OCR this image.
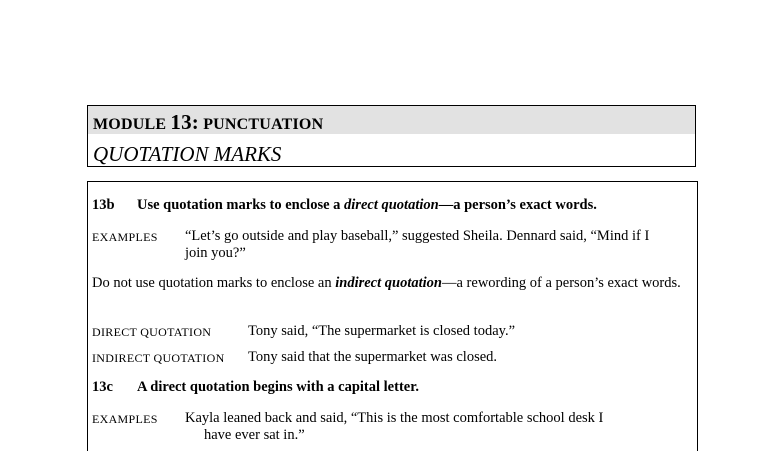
MODULE 13: PUNCTUATION
QUOTATION MARKS
13b Use quotation marks to enclose a direct quotation—a person’s exact words.
EXAMPLES “Let’s go outside and play baseball,” suggested Sheila. Dennard said, “Mind if I
join you?”
Do not use quotation marks to enclose an indirect quotation—a rewording of a person’s exact words.
DIRECT QUOTATION	Tony said, “The supermarket is closed today.”
INDIRECT QUOTATION Tony said that the supermarket was closed.
13c A direct quotation begins with a capital letter.
EXAMPLES Kayla leaned back and said, “This is the most comfortable school desk I
have ever sat in.”
